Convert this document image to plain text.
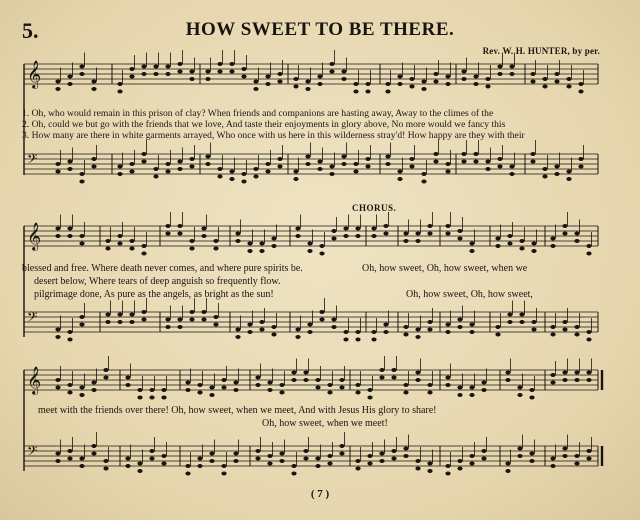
5.	HOW SWEET TO BE THERE.
Rev. W. H. HUNTER, by per.
𝄞
𝄢
𝄞
𝄢
𝄞
𝄢
1. Oh, who would remain in this prison of clay? When friends and companions are hasting away, Away to the climes of the
2. Oh, could we but go with the friends that we love, And taste their enjoyments in glory above, No more would we fancy this
3. How many are there in white garments arrayed, Who once with us here in this wilderness stray'd! How happy are they with their
CHORUS.
blessed and free. Where death never comes, and where pure spirits be.	Oh, how sweet, Oh, how sweet, when we
desert below, Where tears of deep anguish so frequently flow.
pilgrimage done, As pure as the angels, as bright as the sun!	Oh, how sweet, Oh, how sweet,
meet with the friends over there! Oh, how sweet, when we meet, And with Jesus His glory to share!
Oh, how sweet, when we meet!
( 7 )
